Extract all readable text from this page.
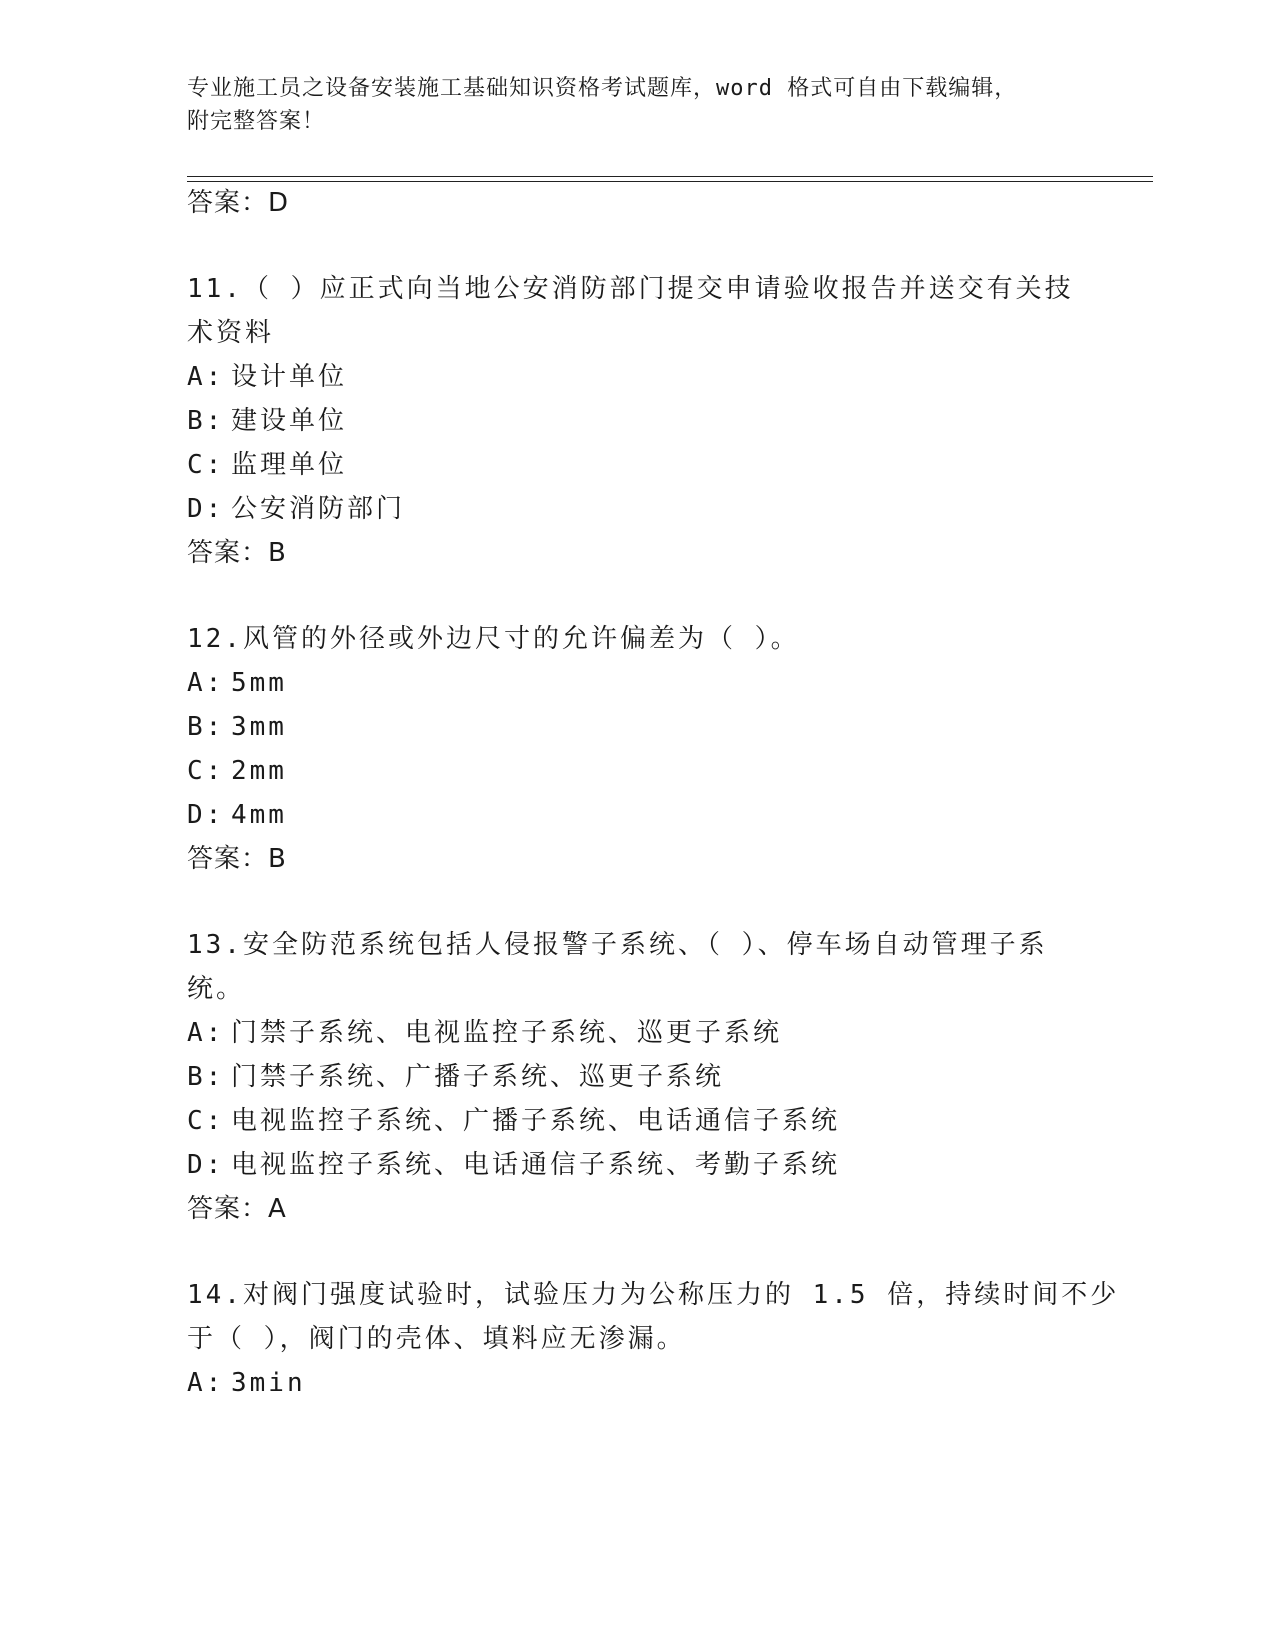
专业施工员之设备安装施工基础知识资格考试题库，word 格式可自由下载编辑，
附完整答案！
答案：D
11.（ ）应正式向当地公安消防部门提交申请验收报告并送交有关技
术资料
A: 设计单位
B: 建设单位
C: 监理单位
D: 公安消防部门
答案：B
12.风管的外径或外边尺寸的允许偏差为（ ）。
A: 5mm
B: 3mm
C: 2mm
D: 4mm
答案：B
13.安全防范系统包括人侵报警子系统、（ ）、停车场自动管理子系
统。
A: 门禁子系统、电视监控子系统、巡更子系统
B: 门禁子系统、广播子系统、巡更子系统
C: 电视监控子系统、广播子系统、电话通信子系统
D: 电视监控子系统、电话通信子系统、考勤子系统
答案：A
14.对阀门强度试验时，试验压力为公称压力的 1.5 倍，持续时间不少
于（ ），阀门的壳体、填料应无渗漏。
A: 3min
